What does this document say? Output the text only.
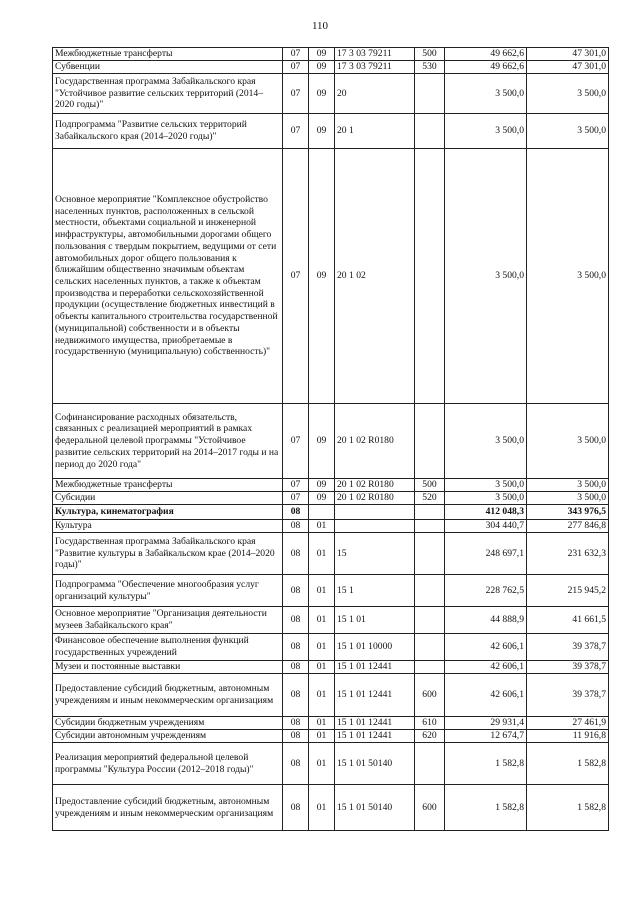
110
Межбюджетные трансферты	07	09	17 3 03 79211	500	49 662,6	47 301,0
Субвенции	07	09	17 3 03 79211	530	49 662,6	47 301,0
Государственная программа Забайкальского края "Устойчивое развитие сельских территорий (2014–2020 годы)"	07	09	20		3 500,0	3 500,0
Подпрограмма "Развитие сельских территорий Забайкальского края (2014–2020 годы)"	07	09	20 1		3 500,0	3 500,0
Основное мероприятие "Комплексное обустройство населенных пунктов, расположенных в сельской местности, объектами социальной и инженерной инфраструктуры, автомобильными дорогами общего пользования с твердым покрытием, ведущими от сети автомобильных дорог общего пользования к ближайшим общественно значимым объектам сельских населенных пунктов, а также к объектам производства и переработки сельскохозяйственной продукции (осуществление бюджетных инвестиций в объекты капитального строительства государственной (муниципальной) собственности и в объекты недвижимого имущества, приобретаемые в государственную (муниципальную) собственность)"	07	09	20 1 02		3 500,0	3 500,0
Софинансирование расходных обязательств, связанных с реализацией мероприятий в рамках федеральной целевой программы "Устойчивое развитие сельских территорий на 2014–2017 годы и на период до 2020 года"	07	09	20 1 02 R0180		3 500,0	3 500,0
Межбюджетные трансферты	07	09	20 1 02 R0180	500	3 500,0	3 500,0
Субсидии	07	09	20 1 02 R0180	520	3 500,0	3 500,0
Культура, кинематография	08				412 048,3	343 976,5
Культура	08	01			304 440,7	277 846,8
Государственная программа Забайкальского края "Развитие культуры в Забайкальском крае (2014–2020 годы)"	08	01	15		248 697,1	231 632,3
Подпрограмма "Обеспечение многообразия услуг организаций культуры"	08	01	15 1		228 762,5	215 945,2
Основное мероприятие "Организация деятельности музеев Забайкальского края"	08	01	15 1 01		44 888,9	41 661,5
Финансовое обеспечение выполнения функций государственных учреждений	08	01	15 1 01 10000		42 606,1	39 378,7
Музеи и постоянные выставки	08	01	15 1 01 12441		42 606,1	39 378,7
Предоставление субсидий бюджетным, автономным учреждениям и иным некоммерческим организациям	08	01	15 1 01 12441	600	42 606,1	39 378,7
Субсидии бюджетным учреждениям	08	01	15 1 01 12441	610	29 931,4	27 461,9
Субсидии автономным учреждениям	08	01	15 1 01 12441	620	12 674,7	11 916,8
Реализация мероприятий федеральной целевой программы "Культура России (2012–2018 годы)"	08	01	15 1 01 50140		1 582,8	1 582,8
Предоставление субсидий бюджетным, автономным учреждениям и иным некоммерческим организациям	08	01	15 1 01 50140	600	1 582,8	1 582,8
